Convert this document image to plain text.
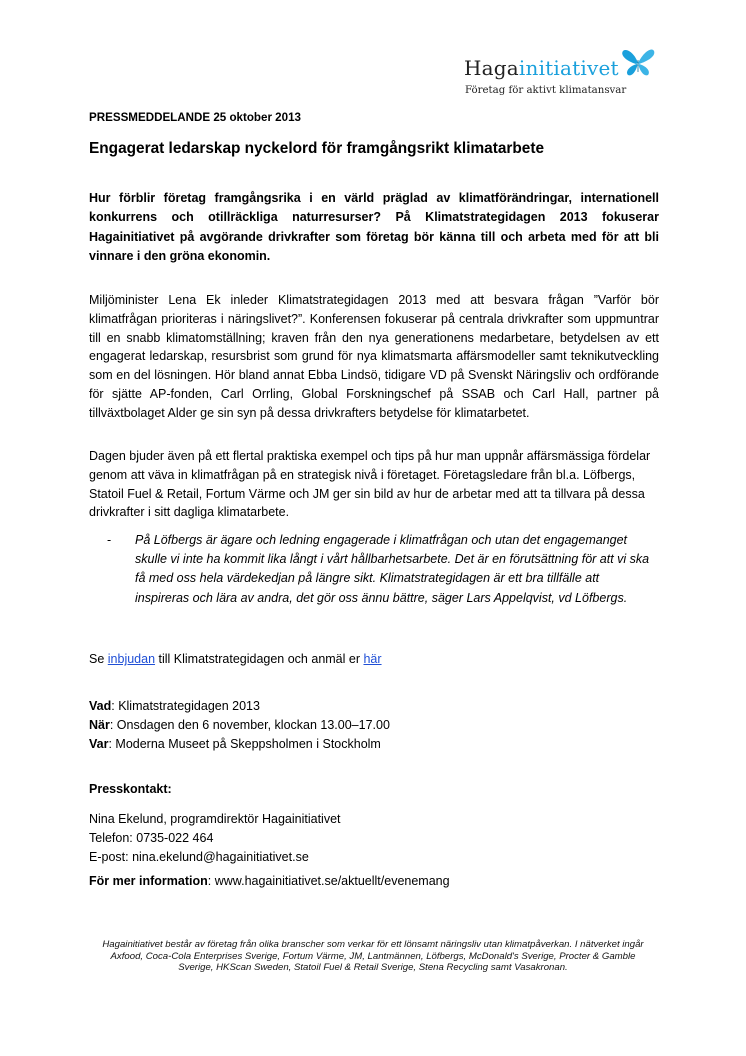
Hagainitiativet
Företag för aktivt klimatansvar
PRESSMEDDELANDE 25 oktober 2013
Engagerat ledarskap nyckelord för framgångsrikt klimatarbete
Hur förblir företag framgångsrika i en värld präglad av klimatförändringar, internationell konkurrens och otillräckliga naturresurser? På Klimatstrategidagen 2013 fokuserar Hagainitiativet på avgörande drivkrafter som företag bör känna till och arbeta med för att bli vinnare i den gröna ekonomin.
Miljöminister Lena Ek inleder Klimatstrategidagen 2013 med att besvara frågan ”Varför bör klimatfrågan prioriteras i näringslivet?”. Konferensen fokuserar på centrala drivkrafter som uppmuntrar till en snabb klimatomställning; kraven från den nya generationens medarbetare, betydelsen av ett engagerat ledarskap, resursbrist som grund för nya klimatsmarta affärsmodeller samt teknikutveckling som en del lösningen. Hör bland annat Ebba Lindsö, tidigare VD på Svenskt Näringsliv och ordförande för sjätte AP-fonden, Carl Orrling, Global Forskningschef på SSAB och Carl Hall, partner på tillväxtbolaget Alder ge sin syn på dessa drivkrafters betydelse för klimatarbetet.
Dagen bjuder även på ett flertal praktiska exempel och tips på hur man uppnår affärsmässiga fördelar genom att väva in klimatfrågan på en strategisk nivå i företaget. Företagsledare från bl.a. Löfbergs, Statoil Fuel & Retail, Fortum Värme och JM ger sin bild av hur de arbetar med att ta tillvara på dessa drivkrafter i sitt dagliga klimatarbete.
- På Löfbergs är ägare och ledning engagerade i klimatfrågan och utan det engagemanget skulle vi inte ha kommit lika långt i vårt hållbarhetsarbete. Det är en förutsättning för att vi ska få med oss hela värdekedjan på längre sikt. Klimatstrategidagen är ett bra tillfälle att inspireras och lära av andra, det gör oss ännu bättre, säger Lars Appelqvist, vd Löfbergs.
Se inbjudan till Klimatstrategidagen och anmäl er här
Vad: Klimatstrategidagen 2013
När: Onsdagen den 6 november, klockan 13.00–17.00
Var: Moderna Museet på Skeppsholmen i Stockholm
Presskontakt:
Nina Ekelund, programdirektör Hagainitiativet
Telefon: 0735-022 464
E-post: nina.ekelund@hagainitiativet.se
För mer information: www.hagainitiativet.se/aktuellt/evenemang
Hagainitiativet består av företag från olika branscher som verkar för ett lönsamt näringsliv utan klimatpåverkan. I nätverket ingår Axfood, Coca-Cola Enterprises Sverige, Fortum Värme, JM, Lantmännen, Löfbergs, McDonald's Sverige, Procter & Gamble Sverige, HKScan Sweden, Statoil Fuel & Retail Sverige, Stena Recycling samt Vasakronan.
